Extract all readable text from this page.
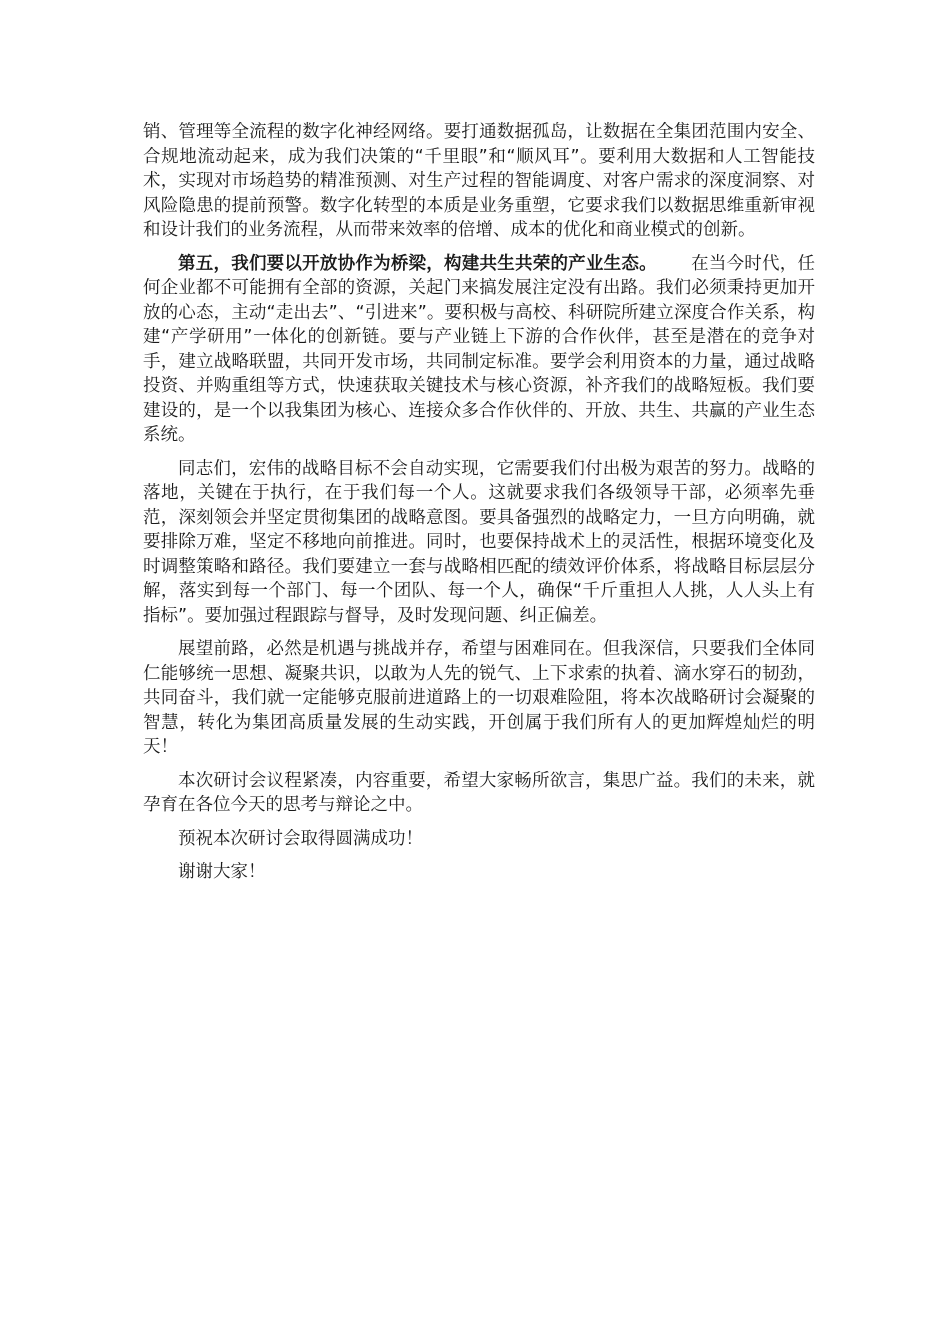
销、管理等全流程的数字化神经网络。要打通数据孤岛，让数据在全集团范围内安全、合规地流动起来，成为我们决策的“千里眼”和“顺风耳”。要利用大数据和人工智能技术，实现对市场趋势的精准预测、对生产过程的智能调度、对客户需求的深度洞察、对风险隐患的提前预警。数字化转型的本质是业务重塑，它要求我们以数据思维重新审视和设计我们的业务流程，从而带来效率的倍增、成本的优化和商业模式的创新。

第五，我们要以开放协作为桥梁，构建共生共荣的产业生态。 在当今时代，任何企业都不可能拥有全部的资源，关起门来搞发展注定没有出路。我们必须秉持更加开放的心态，主动“走出去”、“引进来”。要积极与高校、科研院所建立深度合作关系，构建“产学研用”一体化的创新链。要与产业链上下游的合作伙伴，甚至是潜在的竞争对手，建立战略联盟，共同开发市场，共同制定标准。要学会利用资本的力量，通过战略投资、并购重组等方式，快速获取关键技术与核心资源，补齐我们的战略短板。我们要建设的，是一个以我集团为核心、连接众多合作伙伴的、开放、共生、共赢的产业生态系统。

同志们，宏伟的战略目标不会自动实现，它需要我们付出极为艰苦的努力。战略的落地，关键在于执行，在于我们每一个人。这就要求我们各级领导干部，必须率先垂范，深刻领会并坚定贯彻集团的战略意图。要具备强烈的战略定力，一旦方向明确，就要排除万难，坚定不移地向前推进。同时，也要保持战术上的灵活性，根据环境变化及时调整策略和路径。我们要建立一套与战略相匹配的绩效评价体系，将战略目标层层分解，落实到每一个部门、每一个团队、每一个人，确保“千斤重担人人挑，人人头上有指标”。要加强过程跟踪与督导，及时发现问题、纠正偏差。

展望前路，必然是机遇与挑战并存，希望与困难同在。但我深信，只要我们全体同仁能够统一思想、凝聚共识，以敢为人先的锐气、上下求索的执着、滴水穿石的韧劲，共同奋斗，我们就一定能够克服前进道路上的一切艰难险阻，将本次战略研讨会凝聚的智慧，转化为集团高质量发展的生动实践，开创属于我们所有人的更加辉煌灿烂的明天！

本次研讨会议程紧凑，内容重要，希望大家畅所欲言，集思广益。我们的未来，就孕育在各位今天的思考与辩论之中。

预祝本次研讨会取得圆满成功！

谢谢大家！
